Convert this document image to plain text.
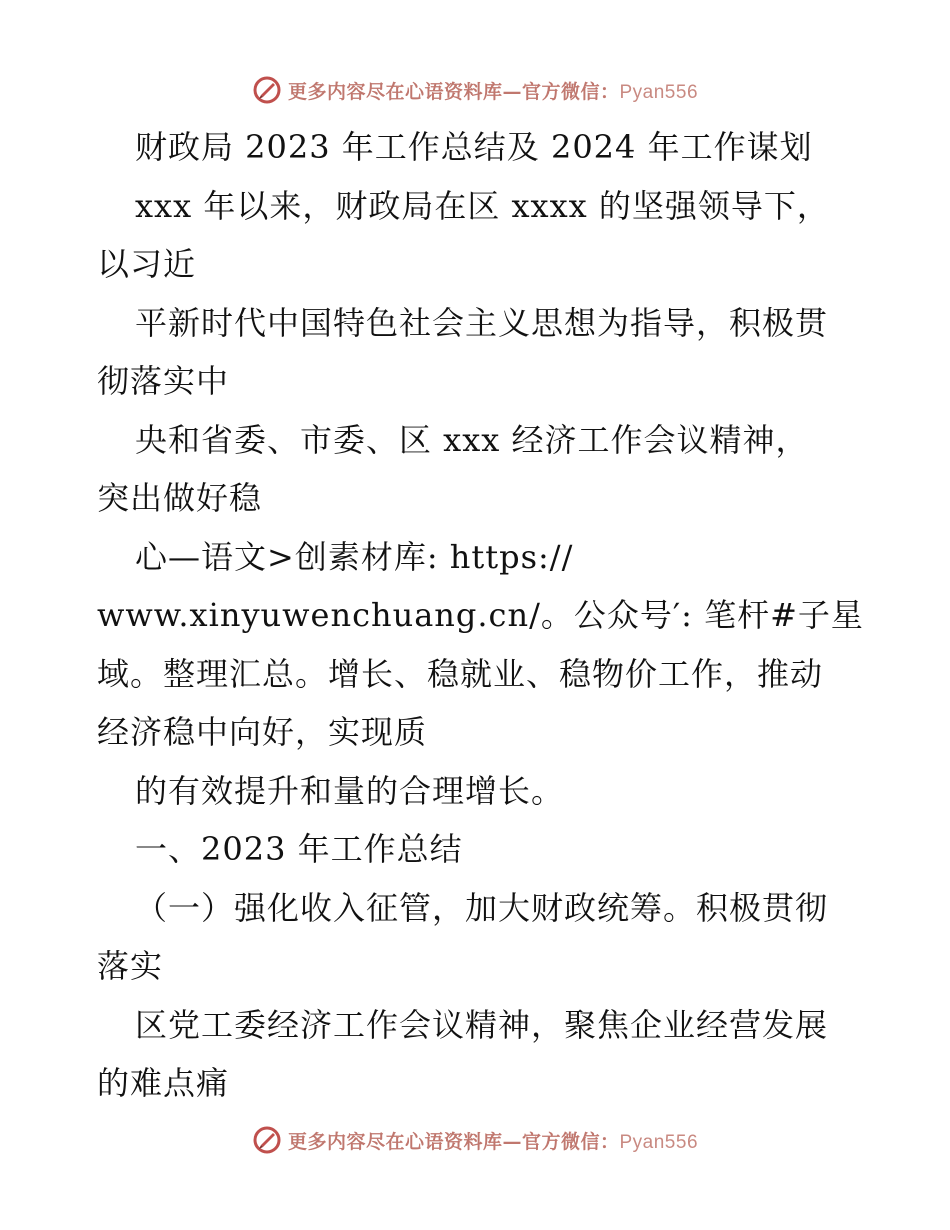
更多内容尽在心语资料库—官方微信：Pyan556
财政局 2023 年工作总结及 2024 年工作谋划
xxx 年以来，财政局在区 xxxx 的坚强领导下，
以习近
平新时代中国特色社会主义思想为指导，积极贯
彻落实中
央和省委、市委、区 xxx 经济工作会议精神，
突出做好稳
心—语文>创素材库: https://
www.xinyuwenchuang.cn/。公众号′: 笔杆#子星
域。整理汇总。增长、稳就业、稳物价工作，推动
经济稳中向好，实现质
的有效提升和量的合理增长。
一、2023 年工作总结
（一）强化收入征管，加大财政统筹。积极贯彻
落实
区党工委经济工作会议精神，聚焦企业经营发展
的难点痛
更多内容尽在心语资料库—官方微信：Pyan556
